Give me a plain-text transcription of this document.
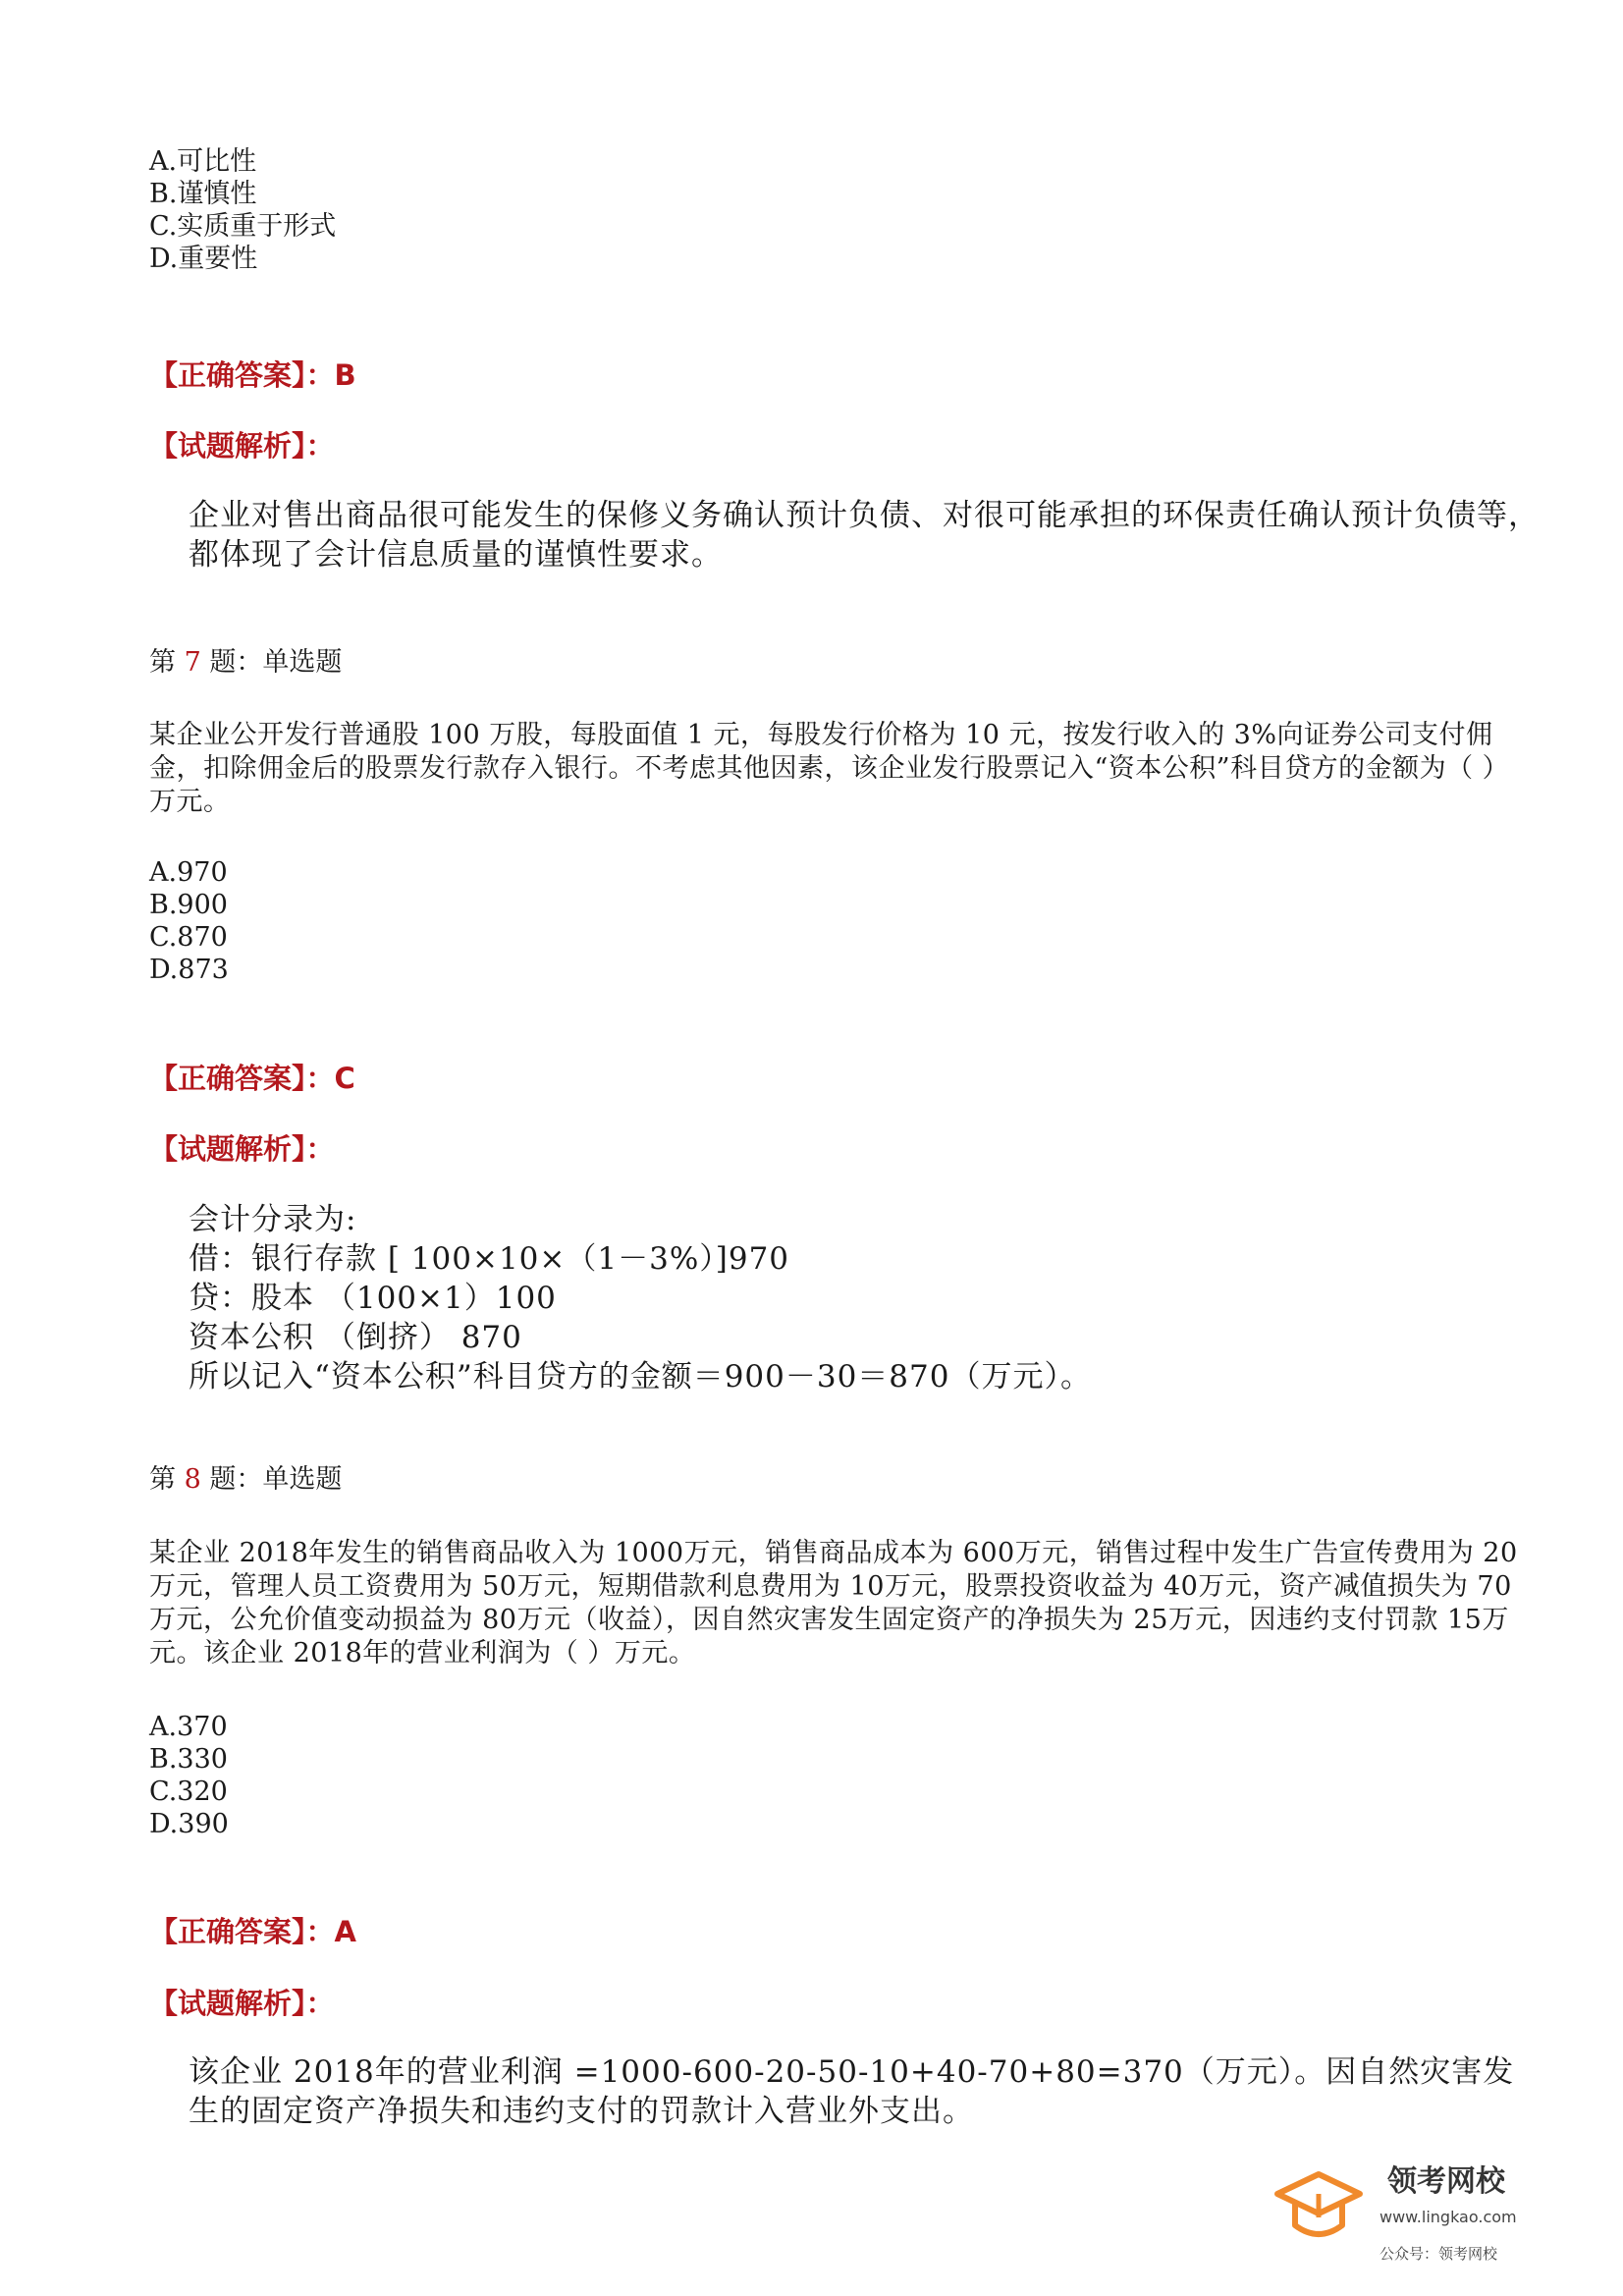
A.可比性
B.谨慎性
C.实质重于形式
D.重要性
【正确答案】：B
【试题解析】：
企业对售出商品很可能发生的保修义务确认预计负债、对很可能承担的环保责任确认预计负债等，都体现了会计信息质量的谨慎性要求。
第 7 题：单选题
某企业公开发行普通股 100 万股，每股面值 1 元，每股发行价格为 10 元，按发行收入的 3%向证券公司支付佣金，扣除佣金后的股票发行款存入银行。不考虑其他因素，该企业发行股票记入“资本公积”科目贷方的金额为（ ）万元。
A.970
B.900
C.870
D.873
【正确答案】：C
【试题解析】：
会计分录为:
借：银行存款 [ 100×10×（1－3%）]970
贷：股本 （100×1）100
资本公积 （倒挤） 870
所以记入“资本公积”科目贷方的金额＝900－30＝870（万元）。
第 8 题：单选题
某企业 2018年发生的销售商品收入为 1000万元，销售商品成本为 600万元，销售过程中发生广告宣传费用为 20万元，管理人员工资费用为 50万元，短期借款利息费用为 10万元，股票投资收益为 40万元，资产减值损失为 70万元，公允价值变动损益为 80万元（收益），因自然灾害发生固定资产的净损失为 25万元，因违约支付罚款 15万元。该企业 2018年的营业利润为（ ）万元。
A.370
B.330
C.320
D.390
【正确答案】：A
【试题解析】：
该企业 2018年的营业利润 =1000-600-20-50-10+40-70+80=370（万元）。因自然灾害发生的固定资产净损失和违约支付的罚款计入营业外支出。
领考网校
www.lingkao.com
公众号：领考网校
